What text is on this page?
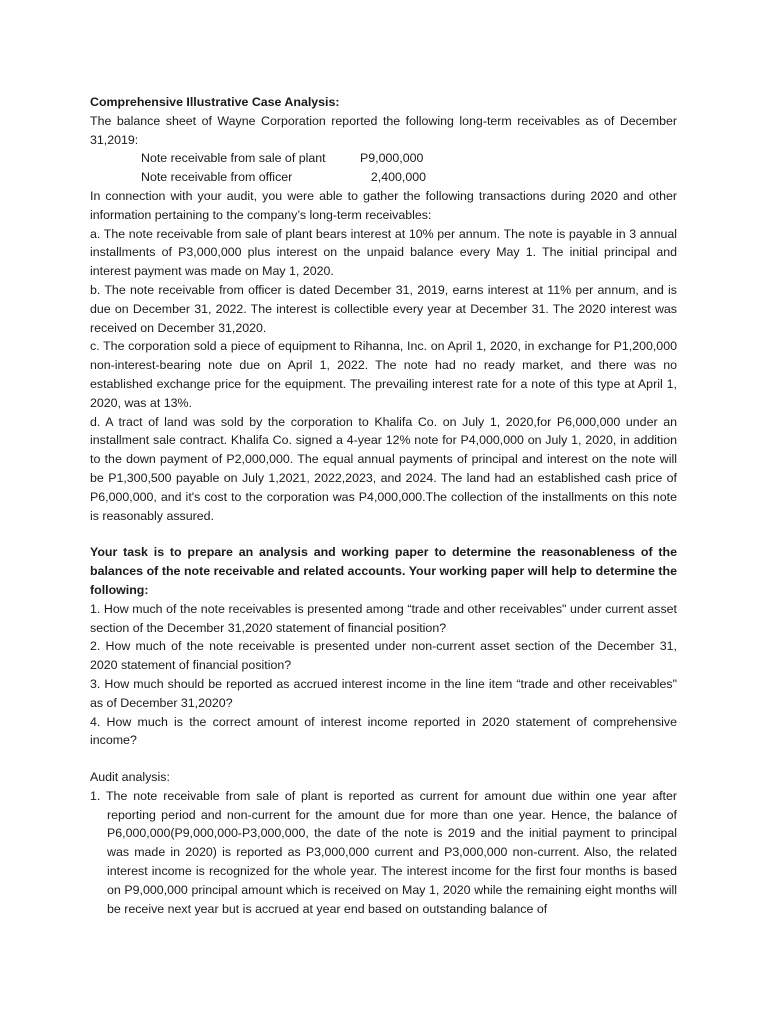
Comprehensive Illustrative Case Analysis:

The balance sheet of Wayne Corporation reported the following long-term receivables as of December 31,2019:

Note receivable from sale of plant	P9,000,000
Note receivable from officer	2,400,000

In connection with your audit, you were able to gather the following transactions during 2020 and other information pertaining to the company’s long-term receivables:

a. The note receivable from sale of plant bears interest at 10% per annum. The note is payable in 3 annual installments of P3,000,000 plus interest on the unpaid balance every May 1. The initial principal and interest payment was made on May 1, 2020.

b. The note receivable from officer is dated December 31, 2019, earns interest at 11% per annum, and is due on December 31, 2022. The interest is collectible every year at December 31. The 2020 interest was received on December 31,2020.

c. The corporation sold a piece of equipment to Rihanna, Inc. on April 1, 2020, in exchange for P1,200,000 non-interest-bearing note due on April 1, 2022. The note had no ready market, and there was no established exchange price for the equipment. The prevailing interest rate for a note of this type at April 1, 2020, was at 13%.

d. A tract of land was sold by the corporation to Khalifa Co. on July 1, 2020,for P6,000,000 under an installment sale contract. Khalifa Co. signed a 4-year 12% note for P4,000,000 on July 1, 2020, in addition to the down payment of P2,000,000. The equal annual payments of principal and interest on the note will be P1,300,500 payable on July 1,2021, 2022,2023, and 2024. The land had an established cash price of P6,000,000, and it's cost to the corporation was P4,000,000.The collection of the installments on this note is reasonably assured.

Your task is to prepare an analysis and working paper to determine the reasonableness of the balances of the note receivable and related accounts. Your working paper will help to determine the following:

1. How much of the note receivables is presented among “trade and other receivables" under current asset section of the December 31,2020 statement of financial position?

2. How much of the note receivable is presented under non-current asset section of the December 31, 2020 statement of financial position?

3. How much should be reported as accrued interest income in the line item “trade and other receivables" as of December 31,2020?

4. How much is the correct amount of interest income reported in 2020 statement of comprehensive income?

Audit analysis:

1. The note receivable from sale of plant is reported as current for amount due within one year after reporting period and non-current for the amount due for more than one year. Hence, the balance of P6,000,000(P9,000,000-P3,000,000, the date of the note is 2019 and the initial payment to principal was made in 2020) is reported as P3,000,000 current and P3,000,000 non-current. Also, the related interest income is recognized for the whole year. The interest income for the first four months is based on P9,000,000 principal amount which is received on May 1, 2020 while the remaining eight months will be receive next year but is accrued at year end based on outstanding balance of
